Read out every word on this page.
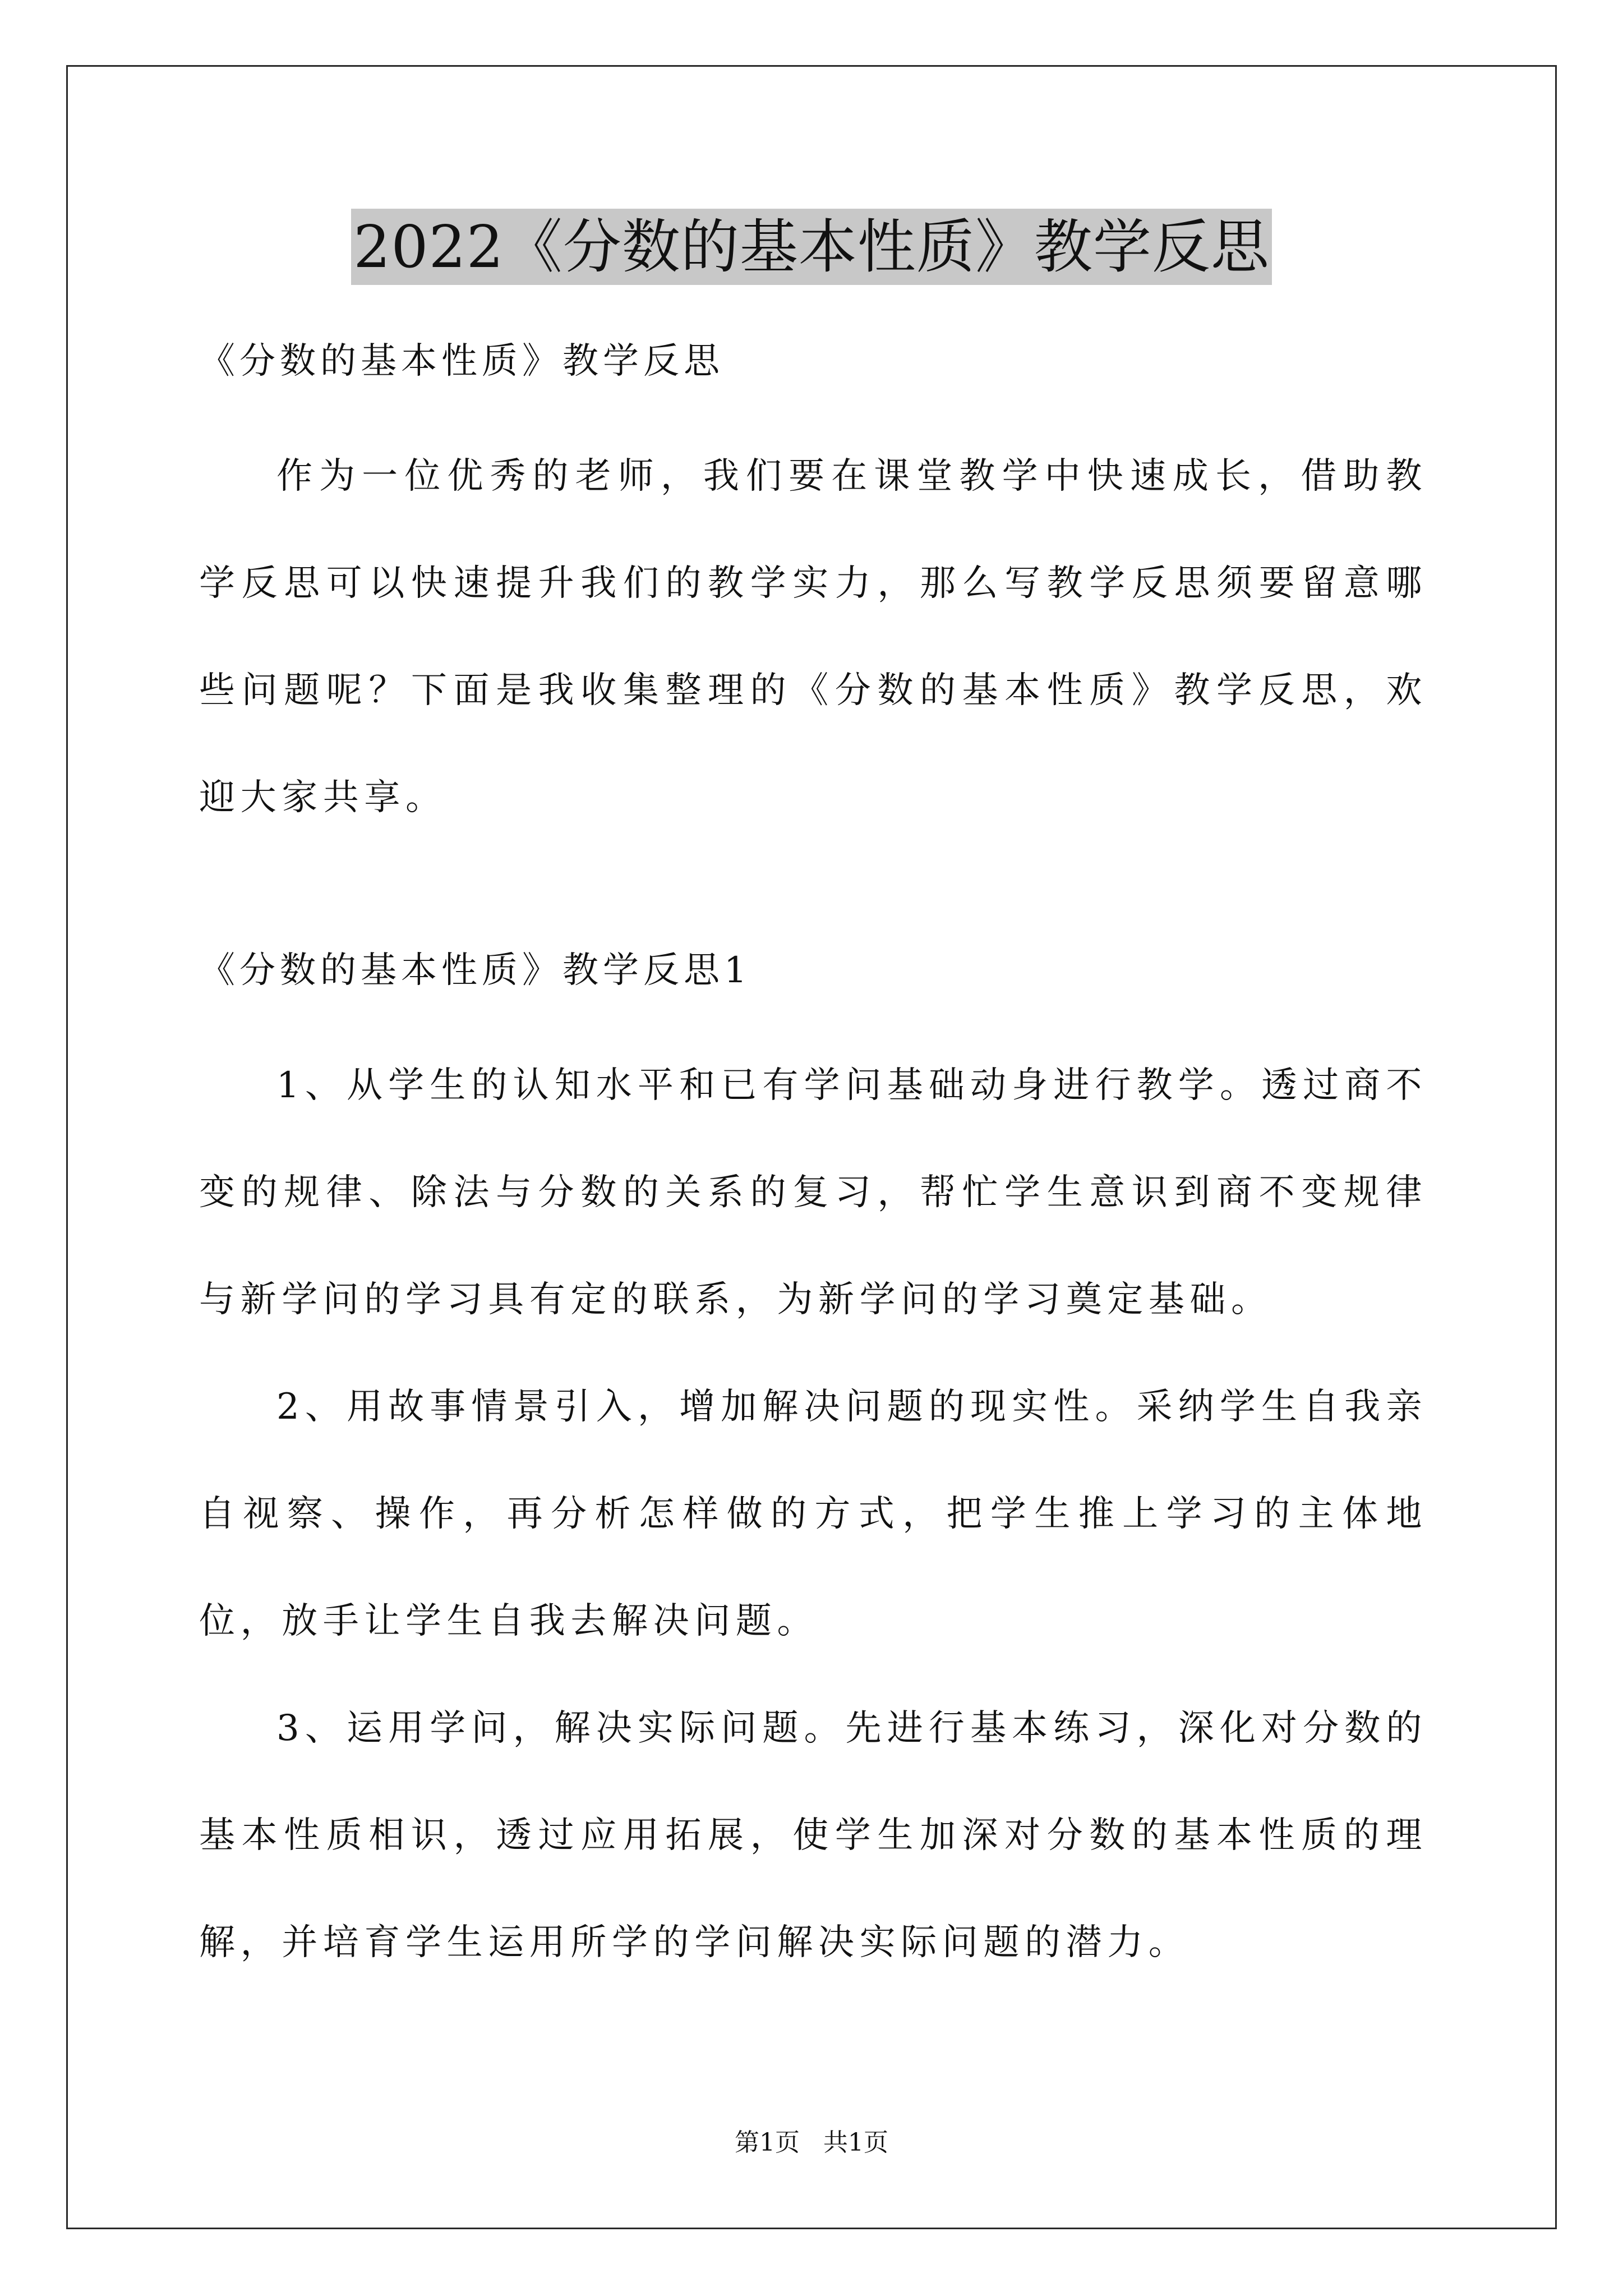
2022《分数的基本性质》教学反思

《分数的基本性质》教学反思

作为一位优秀的老师，我们要在课堂教学中快速成长，借助教学反思可以快速提升我们的教学实力，那么写教学反思须要留意哪些问题呢？下面是我收集整理的《分数的基本性质》教学反思，欢迎大家共享。

《分数的基本性质》教学反思1

1、从学生的认知水平和已有学问基础动身进行教学。透过商不变的规律、除法与分数的关系的复习，帮忙学生意识到商不变规律与新学问的学习具有定的联系，为新学问的学习奠定基础。

2、用故事情景引入，增加解决问题的现实性。采纳学生自我亲自视察、操作，再分析怎样做的方式，把学生推上学习的主体地位，放手让学生自我去解决问题。

3、运用学问，解决实际问题。先进行基本练习，深化对分数的基本性质相识，透过应用拓展，使学生加深对分数的基本性质的理解，并培育学生运用所学的学问解决实际问题的潜力。

第1页   共1页
